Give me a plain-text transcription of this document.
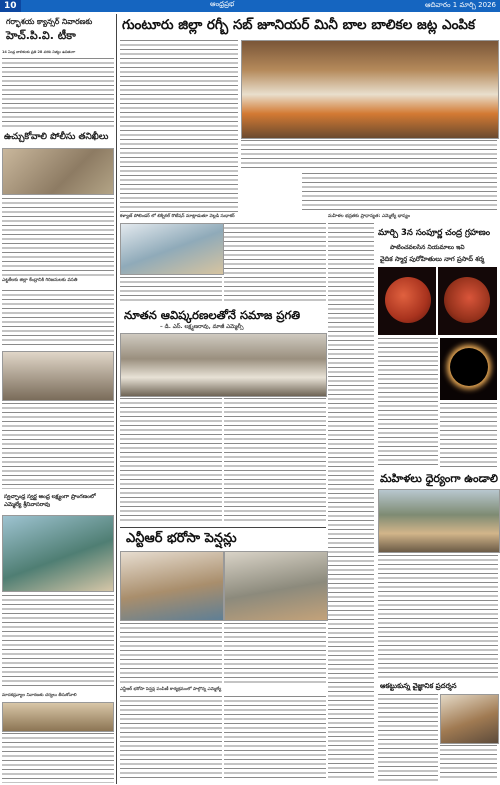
10	ఆంధ్రప్రభ	ఆదివారం 1 మార్చి 2026
గర్భాశయ క్యాన్సర్ నివారణకు
హెచ్.పి.వి. టీకా
14 ఏండ్ల బాలికలకు ప్రతి 28 వరకు నిత్యం ఉచితంగా
ఉచ్చుకోవాలి పోలీసు తనిఖీలు
ఎట్టకేలకు జిల్లా కేంద్రానికి గిరిజనులకు వసతి
స్వచ్ఛాంధ్ర స్వర్ణ ఆంధ్ర లక్ష్యంగా ప్రాంగణంలో ఎమ్మెల్యే శ్రీనివాసరావు
మాదకద్రవ్యాల నివారణకు చర్యలు తీసుకోవాలి
గుంటూరు జిల్లా రగ్బీ సబ్ జూనియర్ మినీ బాల బాలికల జట్ల ఎంపిక
కళ్యాణ్ పోటెండర్ లో టెక్నికల్ రొటేషన్ మాట్లాడుతూ వెల్లడి సుధాకర్
నూతన ఆవిష్కరణలతోనే సమాజ ప్రగతి
– డి. ఎస్. లక్ష్మణరావు, మాజీ ఎమ్మెల్సీ
ఎన్టీఆర్ భరోసా పెన్షన్లు
ఎన్టీఆర్ భరోసా పెన్షన్ల పంపిణీ కార్యక్రమంలో పాల్గొన్న ఎమ్మెల్యే
మహిళల భద్రతకు ప్రాధాన్యత: ఎమ్మెల్యే భాష్యం
మార్చి 3న సంపూర్ణ చంద్ర గ్రహణం
పాటించవలసిన నియమాలు ఇవి
వైదిక స్మార్త పురోహితులు నాగ ప్రసాద్ శర్మ
మహిళలు ధైర్యంగా ఉండాలి
ఆకట్టుకున్న వైజ్ఞానిక ప్రదర్శన
